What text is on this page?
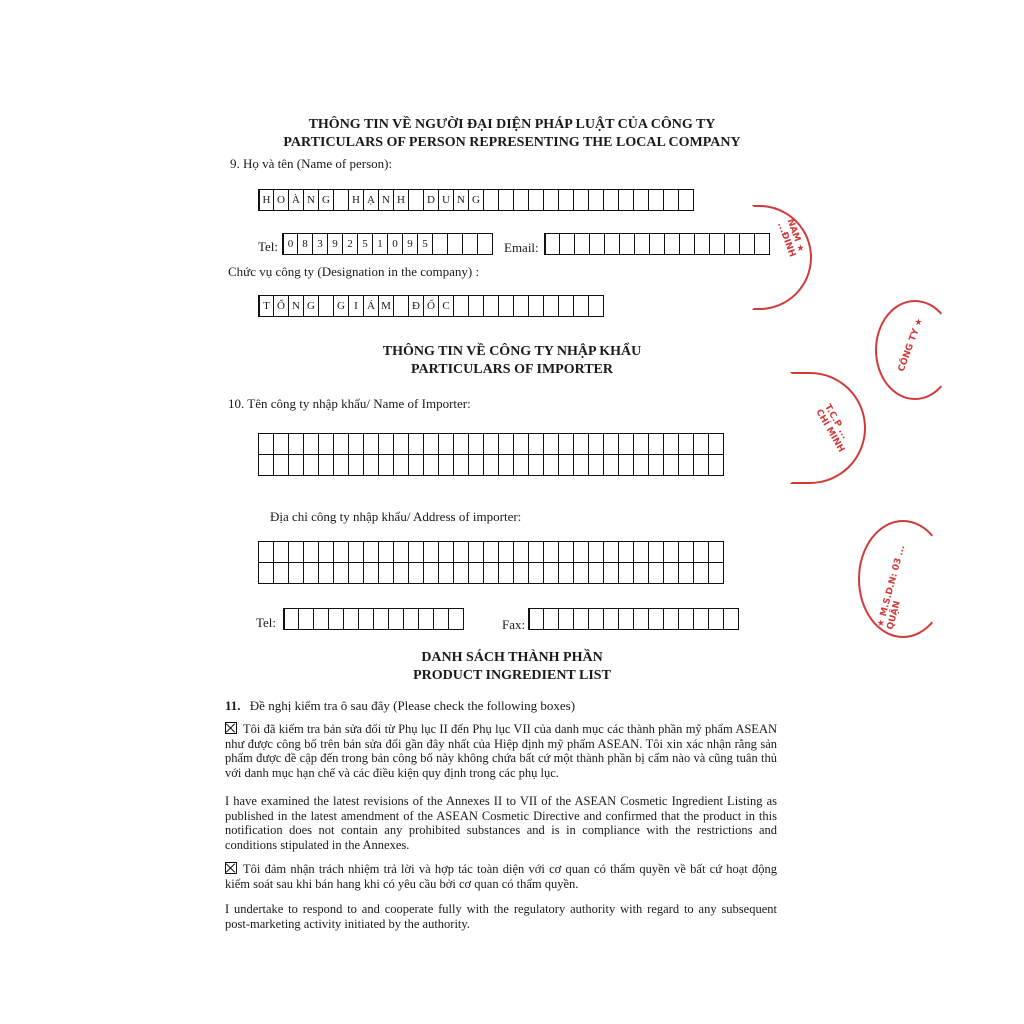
THÔNG TIN VỀ NGƯỜI ĐẠI DIỆN PHÁP LUẬT CỦA CÔNG TY
PARTICULARS OF PERSON REPRESENTING THE LOCAL COMPANY
9. Họ và tên (Name of person):
H O À N G	H Ạ N H	D U N G
Tel: 0 8 3 9 2 5 1 0 9 5	Email:
Chức vụ công ty (Designation in the company) :
T Ổ N G	G I Á M	Đ Ố C
THÔNG TIN VỀ CÔNG TY NHẬP KHẨU
PARTICULARS OF IMPORTER
10. Tên công ty nhập khẩu/ Name of Importer:
Địa chỉ công ty nhập khẩu/ Address of importer:
Tel:	Fax:
DANH SÁCH THÀNH PHẦN
PRODUCT INGREDIENT LIST
11. Đề nghị kiểm tra ô sau đây (Please check the following boxes)
Tôi đã kiểm tra bản sửa đổi từ Phụ lục II đến Phụ lục VII của danh mục các thành phần mỹ phẩm ASEAN như được công bố trên bản sửa đổi gần đây nhất của Hiệp định mỹ phẩm ASEAN. Tôi xin xác nhận rằng sản phẩm được đề cập đến trong bản công bố này không chứa bất cứ một thành phần bị cấm nào và cũng tuân thủ với danh mục hạn chế và các điều kiện quy định trong các phụ lục.
I have examined the latest revisions of the Annexes II to VII of the ASEAN Cosmetic Ingredient Listing as published in the latest amendment of the ASEAN Cosmetic Directive and confirmed that the product in this notification does not contain any prohibited substances and is in compliance with the restrictions and conditions stipulated in the Annexes.
Tôi đảm nhận trách nhiệm trả lời và hợp tác toàn diện với cơ quan có thẩm quyền về bất cứ hoạt động kiểm soát sau khi bán hang khi có yêu cầu bởi cơ quan có thẩm quyền.
I undertake to respond to and cooperate fully with the regulatory authority with regard to any subsequent post-marketing activity initiated by the authority.
NAM ★ ...ĐINH
CÔNG TY ★
T.C.P ... CHÍ MINH
★ M.S.D.N: 03 ... QUẬN
